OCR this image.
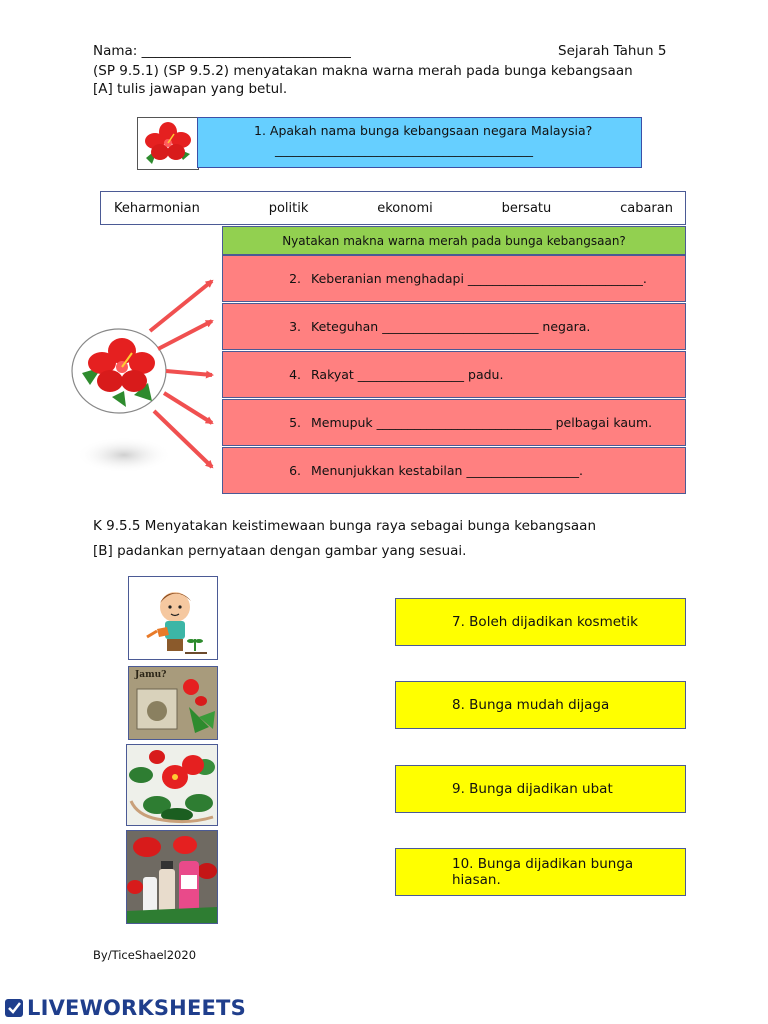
Nama: _______________________________	Sejarah Tahun 5
(SP 9.5.1) (SP 9.5.2) menyatakan makna warna merah pada bunga kebangsaan
[A] tulis jawapan yang betul.
1. Apakah nama bunga kebangsaan negara Malaysia?
___________________________________________
Keharmonian	politik	ekonomi	bersatu	cabaran
Nyatakan makna warna merah pada bunga kebangsaan?
2. Keberanian menghadapi ____________________________.
3. Keteguhan _________________________ negara.
4. Rakyat _________________ padu.
5. Memupuk ____________________________ pelbagai kaum.
6. Menunjukkan kestabilan __________________.
K 9.5.5 Menyatakan keistimewaan bunga raya sebagai bunga kebangsaan
[B] padankan pernyataan dengan gambar yang sesuai.
Jamu?
7. Boleh dijadikan kosmetik
8. Bunga mudah dijaga
9. Bunga dijadikan ubat
10. Bunga dijadikan bunga hiasan.
By/TiceShael2020
LIVEWORKSHEETS
